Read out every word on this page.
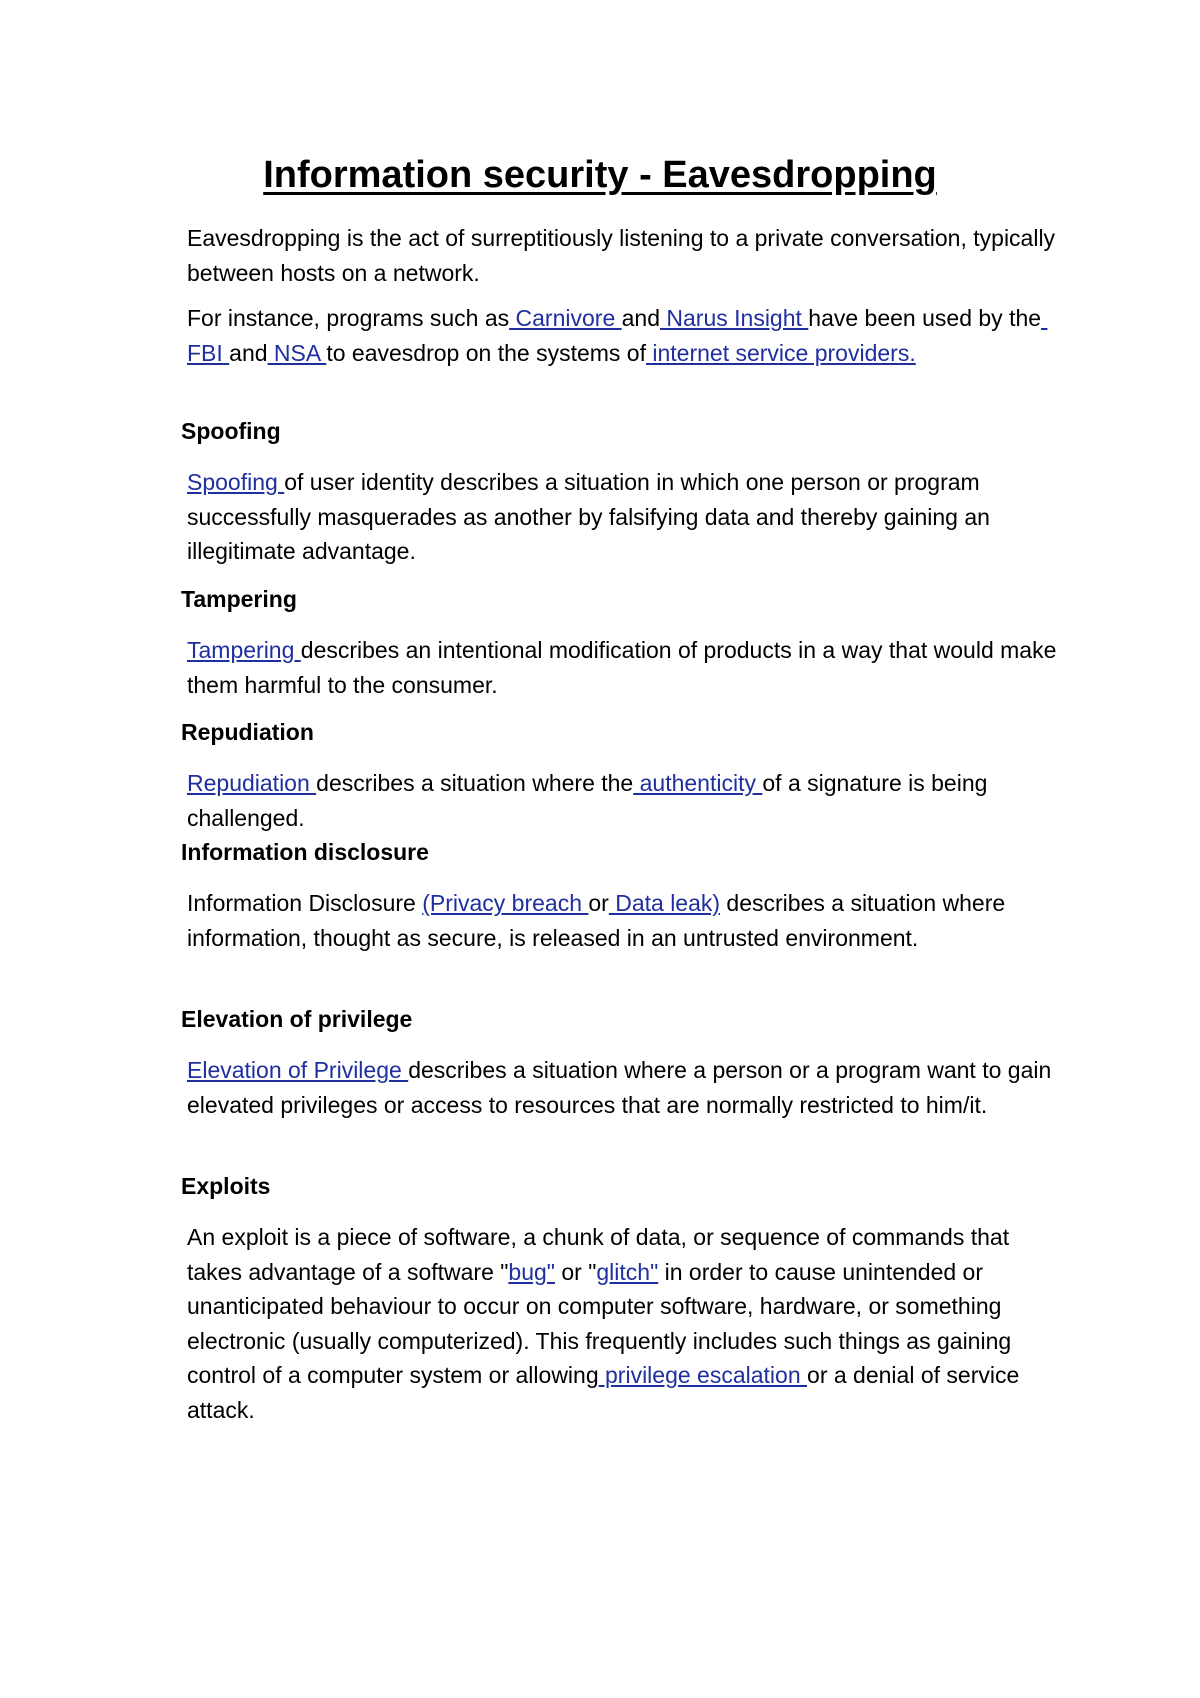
Information security - Eavesdropping

Eavesdropping is the act of surreptitiously listening to a private conversation, typically between hosts on a network.

For instance, programs such as Carnivore and Narus Insight have been used by the FBI and NSA to eavesdrop on the systems of internet service providers.

Spoofing

Spoofing of user identity describes a situation in which one person or program successfully masquerades as another by falsifying data and thereby gaining an illegitimate advantage.

Tampering

Tampering describes an intentional modification of products in a way that would make them harmful to the consumer.

Repudiation

Repudiation describes a situation where the authenticity of a signature is being challenged.

Information disclosure

Information Disclosure (Privacy breach or Data leak) describes a situation where information, thought as secure, is released in an untrusted environment.

Elevation of privilege

Elevation of Privilege describes a situation where a person or a program want to gain elevated privileges or access to resources that are normally restricted to him/it.

Exploits

An exploit is a piece of software, a chunk of data, or sequence of commands that takes advantage of a software "bug" or "glitch" in order to cause unintended or unanticipated behaviour to occur on computer software, hardware, or something electronic (usually computerized). This frequently includes such things as gaining control of a computer system or allowing privilege escalation or a denial of service attack.
